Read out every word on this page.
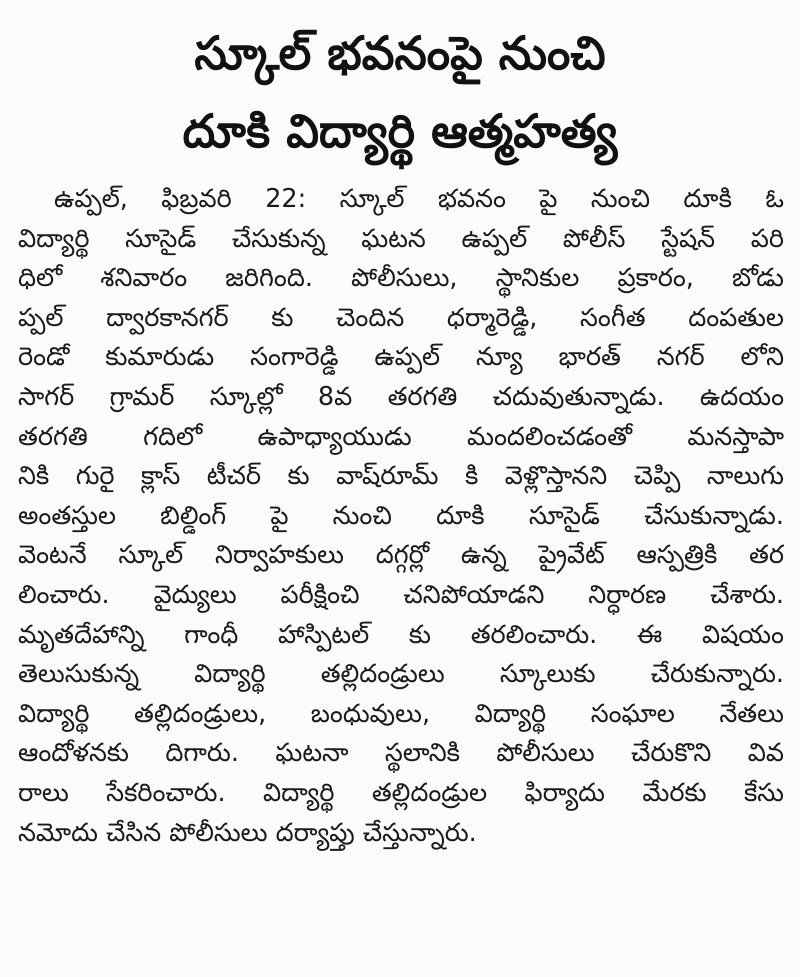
స్కూల్ భవనంపై నుంచి
దూకి విద్యార్థి ఆత్మహత్య
ఉప్పల్, ఫిబ్రవరి 22: స్కూల్ భవనం పై నుంచి దూకి ఓ
విద్యార్థి సూసైడ్ చేసుకున్న ఘటన ఉప్పల్ పోలీస్ స్టేషన్ పరి
ధిలో శనివారం జరిగింది. పోలీసులు, స్థానికుల ప్రకారం, బోడు
ప్పల్ ద్వారకానగర్ కు చెందిన ధర్మారెడ్డి, సంగీత దంపతుల
రెండో కుమారుడు సంగారెడ్డి ఉప్పల్ న్యూ భారత్ నగర్ లోని
సాగర్ గ్రామర్ స్కూల్లో 8వ తరగతి చదువుతున్నాడు. ఉదయం
తరగతి గదిలో ఉపాధ్యాయుడు మందలించడంతో మనస్తాపా
నికి గురై క్లాస్ టీచర్ కు వాష్‌రూమ్ కి వెళ్లొస్తానని చెప్పి నాలుగు
అంతస్తుల బిల్డింగ్ పై నుంచి దూకి సూసైడ్ చేసుకున్నాడు.
వెంటనే స్కూల్ నిర్వాహకులు దగ్గర్లో ఉన్న ప్రైవేట్ ఆస్పత్రికి తర
లించారు. వైద్యులు పరీక్షించి చనిపోయాడని నిర్ధారణ చేశారు.
మృతదేహాన్ని గాంధీ హాస్పిటల్ కు తరలించారు. ఈ విషయం
తెలుసుకున్న విద్యార్థి తల్లిదండ్రులు స్కూలుకు చేరుకున్నారు.
విద్యార్థి తల్లిదండ్రులు, బంధువులు, విద్యార్థి సంఘాల నేతలు
ఆందోళనకు దిగారు. ఘటనా స్థలానికి పోలీసులు చేరుకొని వివ
రాలు సేకరించారు. విద్యార్థి తల్లిదండ్రుల ఫిర్యాదు మేరకు కేసు
నమోదు చేసిన పోలీసులు దర్యాప్తు చేస్తున్నారు.
